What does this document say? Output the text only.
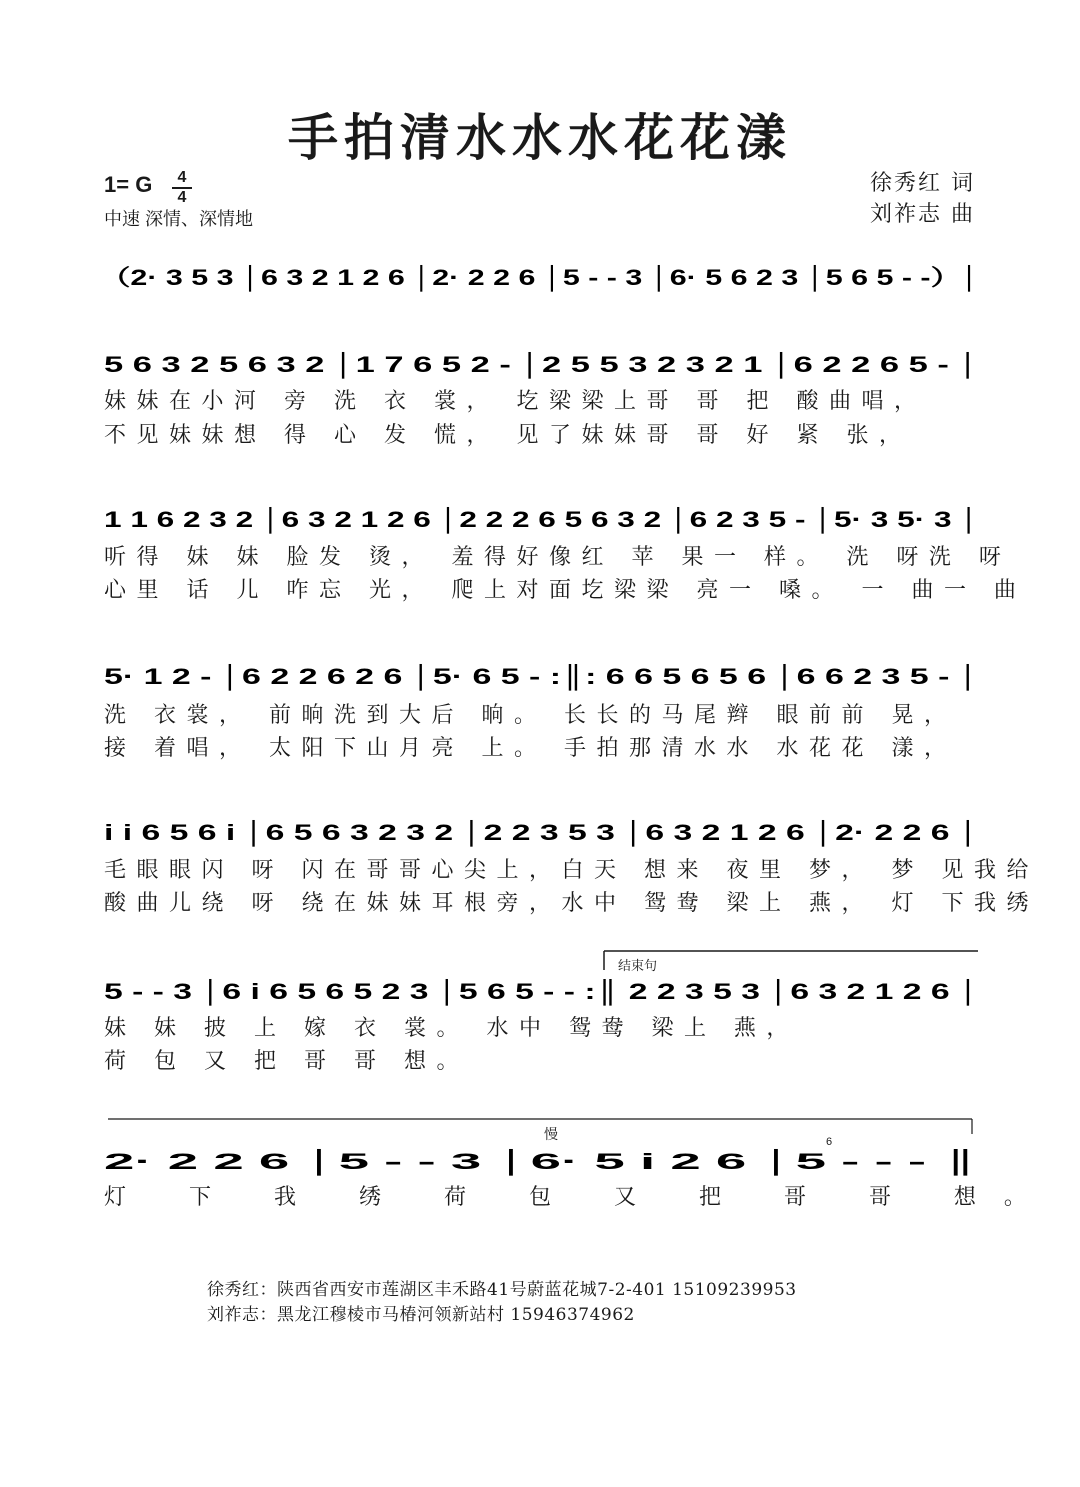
手拍清水水水花花漾
1= G	4
4
中速 深情、深情地
徐秀红 词
刘祚志 曲
（2· 3 5 3 │6 3 2 1 2 6 │2· 2 2 6 │5 - - 3 │6· 5 6 2 3 │5 6 5 - -）│
5 6 3 2 5 6 3 2 │1 7 6 5 2 - │2 5 5 3 2 3 2 1 │6 2 2 6 5 - │
妹妹在小河 旁 洗 衣 裳， 圪梁梁上哥 哥 把 酸曲唱，
不见妹妹想 得 心 发 慌， 见了妹妹哥 哥 好 紧 张，
1 1 6 2 3 2 │6 3 2 1 2 6 │2 2 2 6 5 6 3 2 │6 2 3 5 - │5· 3 5· 3 │
听得 妹 妹 脸发 烫， 羞得好像红 苹 果一 样。 洗 呀洗 呀
心里 话 儿 咋忘 光， 爬上对面圪梁梁 亮一 嗓。 一 曲一 曲
5· 1 2 - │6 2 2 6 2 6 │5· 6 5 - :║: 6 6 5 6 5 6 │6 6 2 3 5 - │
洗 衣裳， 前晌洗到大后 晌。 长长的马尾辫 眼前前 晃，
接 着唱， 太阳下山月亮 上。 手拍那清水水 水花花 漾，
i i 6 5 6 i │6 5 6 3 2 3 2 │2 2 3 5 3 │6 3 2 1 2 6 │2· 2 2 6 │
毛眼眼闪 呀 闪在哥哥心尖上，白天 想来 夜里 梦， 梦 见我给
酸曲儿绕 呀 绕在妹妹耳根旁，水中 鸳鸯 梁上 燕， 灯 下我绣
结束句
5 - - 3 │6 i 6 5 6 5 2 3 │5 6 5 - - :║ 2 2 3 5 3 │6 3 2 1 2 6 │
妹 妹 披 上 嫁 衣 裳。 水中 鸳鸯 梁上 燕，
荷 包 又 把 哥 哥 想。
慢	6
2· 2 2 6 │5 - - 3 │6· 5 i 2 6 │5 - - - ║
灯 下 我 绣 荷 包 又 把 哥 哥 想。
徐秀红：陕西省西安市莲湖区丰禾路41号蔚蓝花城7-2-401 15109239953
刘祚志：黑龙江穆棱市马椿河领新站村 15946374962
